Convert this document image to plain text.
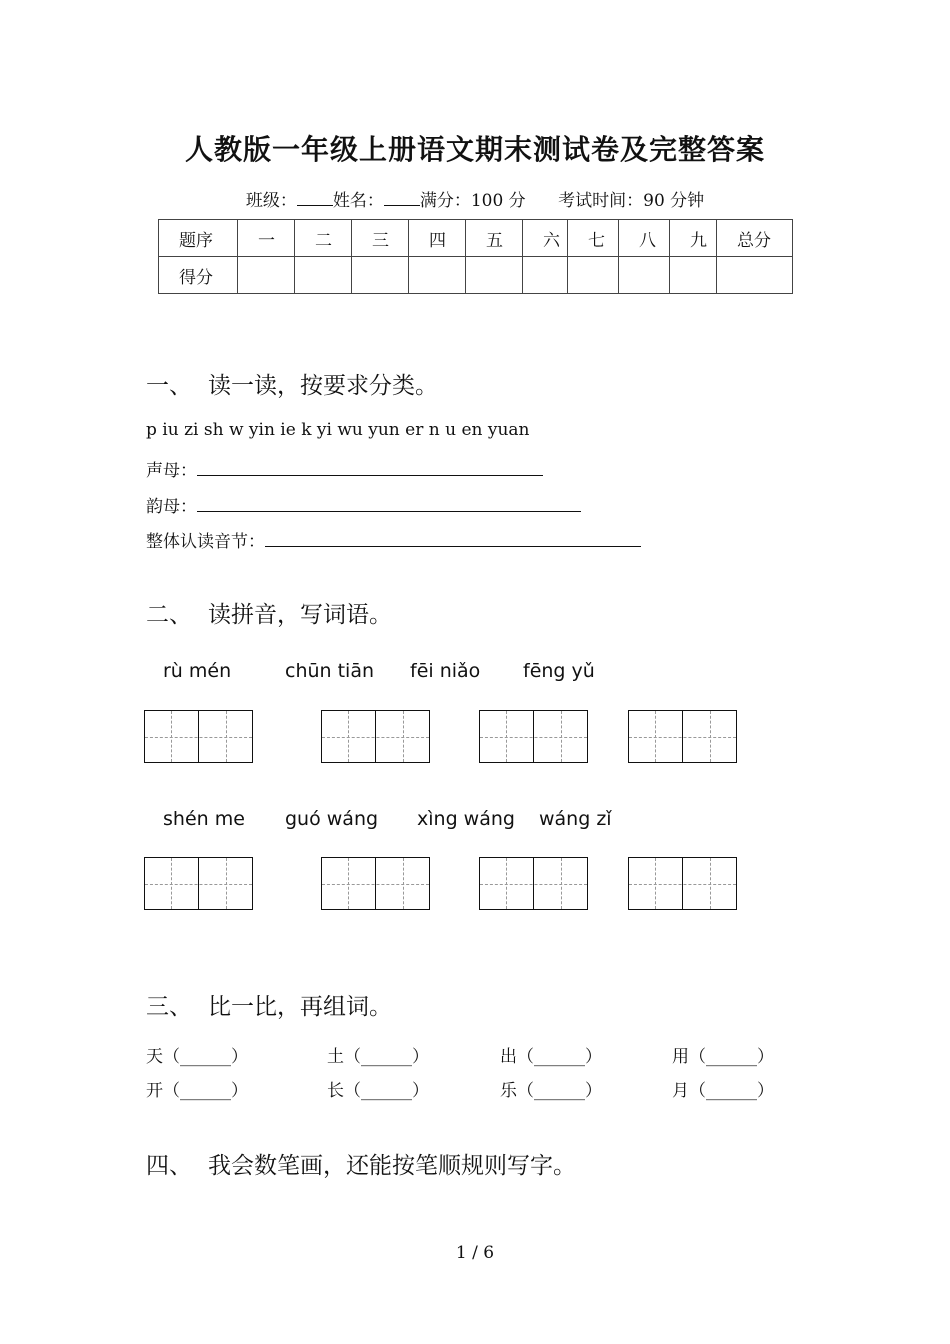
人教版一年级上册语文期末测试卷及完整答案
班级： 姓名： 满分：100 分 考试时间：90 分钟
题序	一	二	三	四	五	六	七	八	九	总分
得分										
一、 读一读，按要求分类。
p iu zi sh w yin ie k yi wu yun er n u en yuan
声母：
韵母：
整体认读音节：
二、 读拼音，写词语。
rù mén	chūn tiān fēi niǎo fēng yǔ
shén me guó wáng xìng wáng wáng zǐ
三、 比一比，再组词。
天（______）	土（______）	出（______）	用（______）
开（______）	长（______）	乐（______）	月（______）
四、 我会数笔画，还能按笔顺规则写字。
1 / 6
